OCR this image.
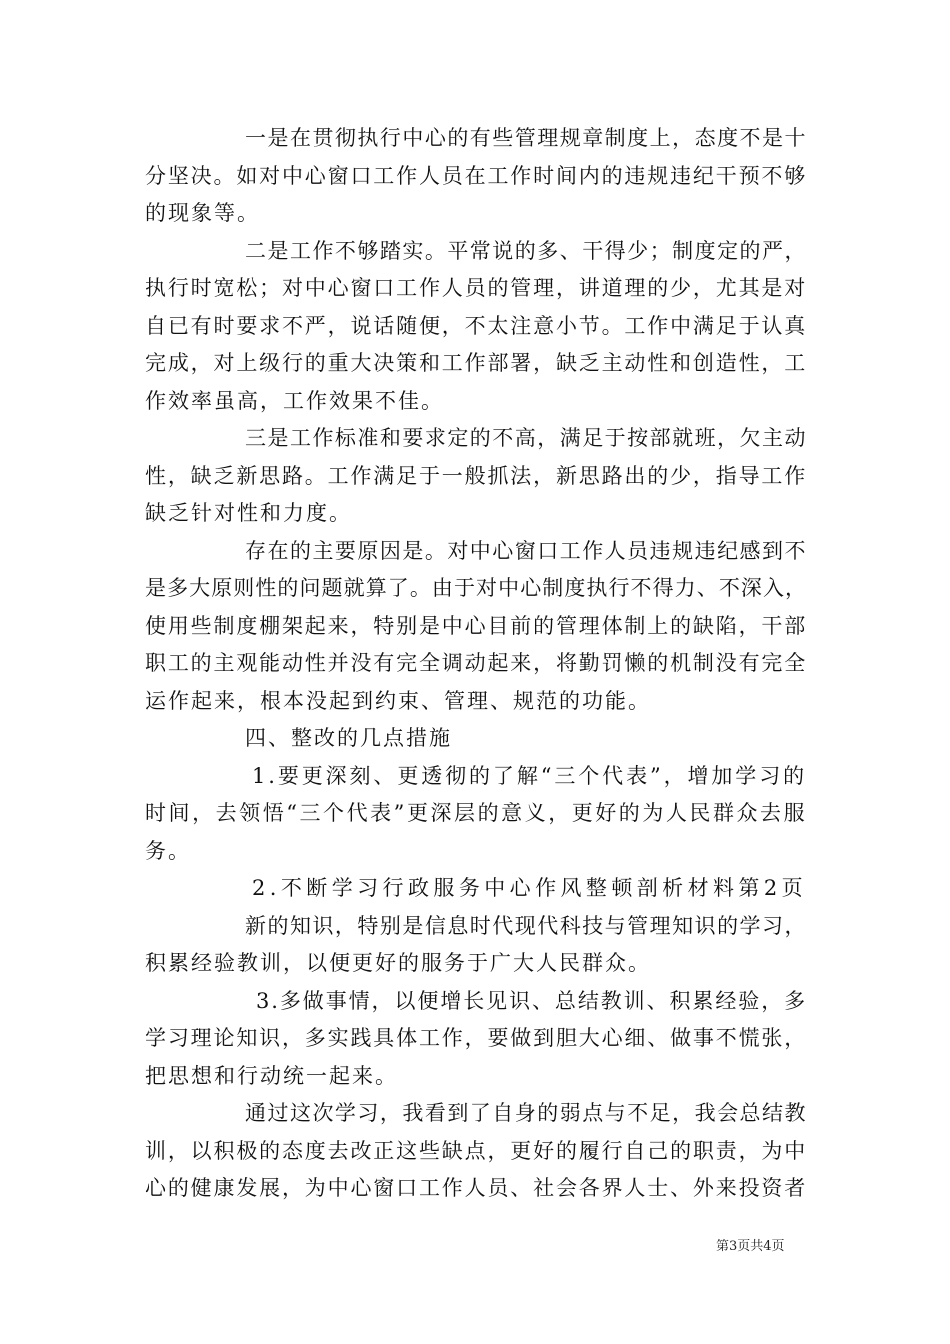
一是在贯彻执行中心的有些管理规章制度上，态度不是十
分坚决。如对中心窗口工作人员在工作时间内的违规违纪干预不够
的现象等。
二是工作不够踏实。平常说的多、干得少；制度定的严，
执行时宽松；对中心窗口工作人员的管理，讲道理的少，尤其是对
自已有时要求不严，说话随便，不太注意小节。工作中满足于认真
完成，对上级行的重大决策和工作部署，缺乏主动性和创造性，工
作效率虽高，工作效果不佳。
三是工作标准和要求定的不高，满足于按部就班，欠主动
性，缺乏新思路。工作满足于一般抓法，新思路出的少，指导工作
缺乏针对性和力度。
存在的主要原因是。对中心窗口工作人员违规违纪感到不
是多大原则性的问题就算了。由于对中心制度执行不得力、不深入，
使用些制度棚架起来，特别是中心目前的管理体制上的缺陷，干部
职工的主观能动性并没有完全调动起来，将勤罚懒的机制没有完全
运作起来，根本没起到约束、管理、规范的功能。
四、整改的几点措施
1.要更深刻、更透彻的了解“三个代表”，增加学习的
时间，去领悟“三个代表”更深层的意义，更好的为人民群众去服
务。
2.不断学习行政服务中心作风整顿剖析材料第2页
新的知识，特别是信息时代现代科技与管理知识的学习，
积累经验教训，以便更好的服务于广大人民群众。
3.多做事情，以便增长见识、总结教训、积累经验，多
学习理论知识，多实践具体工作，要做到胆大心细、做事不慌张，
把思想和行动统一起来。
通过这次学习，我看到了自身的弱点与不足，我会总结教
训，以积极的态度去改正这些缺点，更好的履行自己的职责，为中
心的健康发展，为中心窗口工作人员、社会各界人士、外来投资者
第3页共4页
